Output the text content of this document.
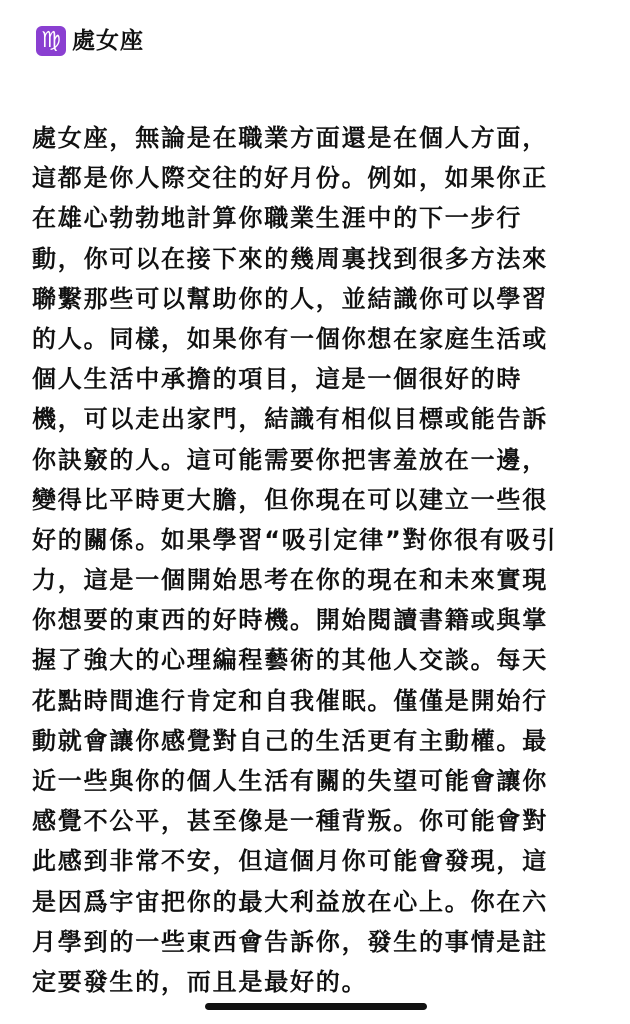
♍ 處女座
處女座，無論是在職業方面還是在個人方面，
這都是你人際交往的好月份。例如，如果你正
在雄心勃勃地計算你職業生涯中的下一步行
動，你可以在接下來的幾周裏找到很多方法來
聯繫那些可以幫助你的人，並結識你可以學習
的人。同樣，如果你有一個你想在家庭生活或
個人生活中承擔的項目，這是一個很好的時
機，可以走出家門，結識有相似目標或能告訴
你訣竅的人。這可能需要你把害羞放在一邊，
變得比平時更大膽，但你現在可以建立一些很
好的關係。如果學習“吸引定律”對你很有吸引
力，這是一個開始思考在你的現在和未來實現
你想要的東西的好時機。開始閱讀書籍或與掌
握了強大的心理編程藝術的其他人交談。每天
花點時間進行肯定和自我催眠。僅僅是開始行
動就會讓你感覺對自己的生活更有主動權。最
近一些與你的個人生活有關的失望可能會讓你
感覺不公平，甚至像是一種背叛。你可能會對
此感到非常不安，但這個月你可能會發現，這
是因爲宇宙把你的最大利益放在心上。你在六
月學到的一些東西會告訴你，發生的事情是註
定要發生的，而且是最好的。
